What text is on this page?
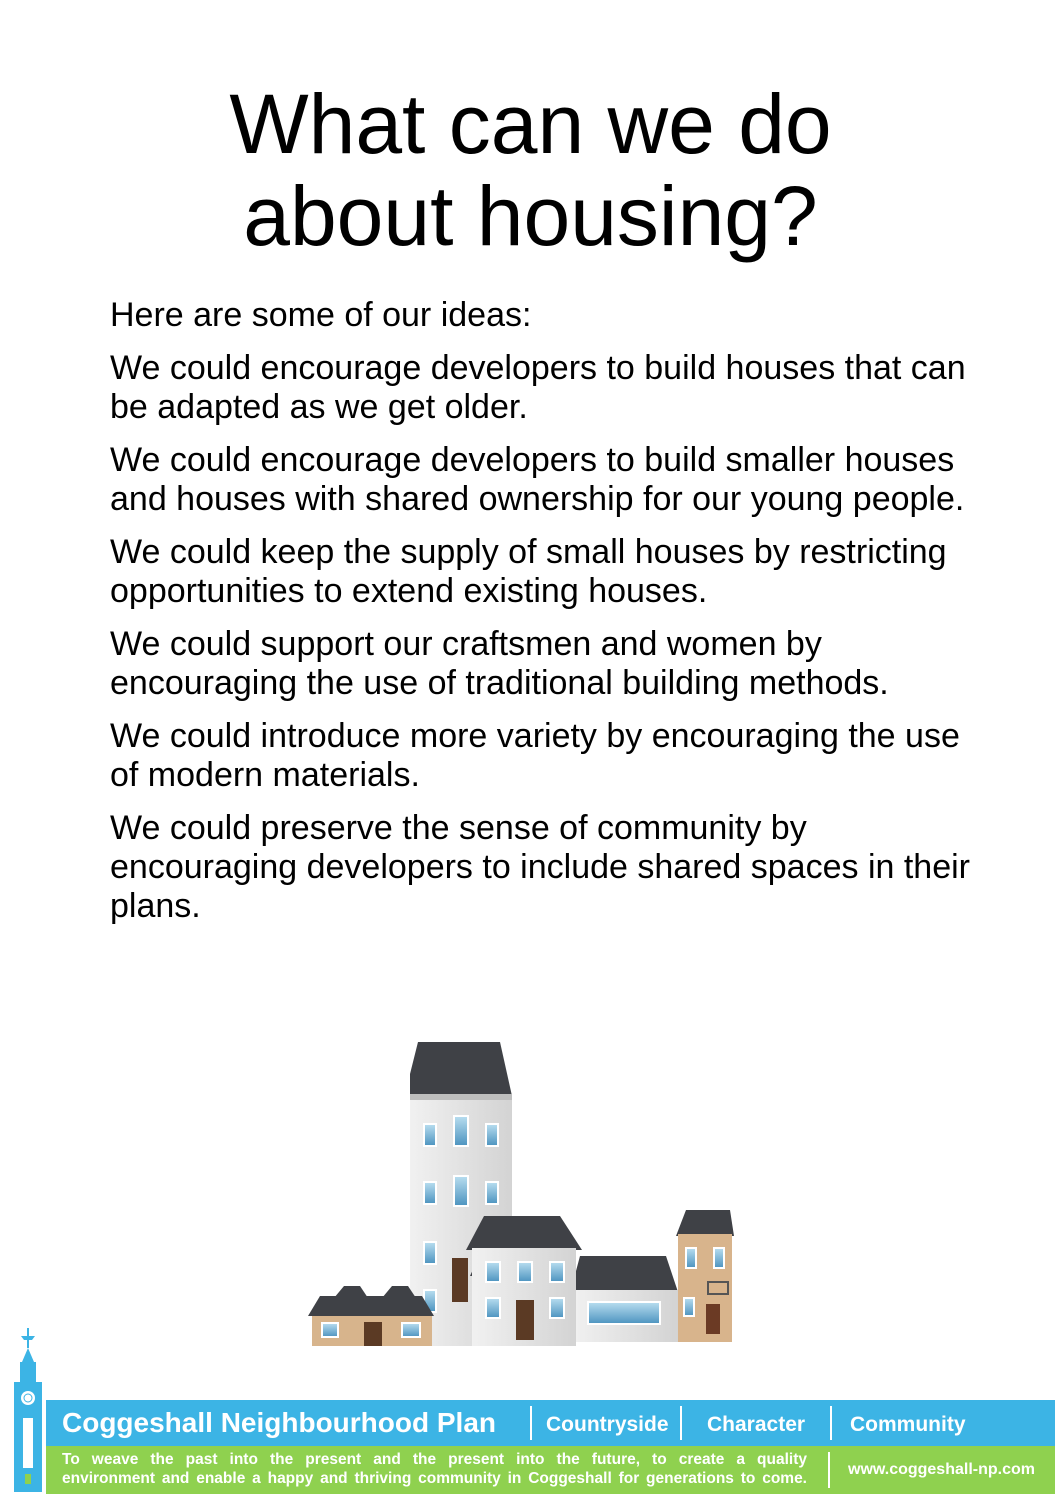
What can we do
about housing?

Here are some of our ideas:

We could encourage developers to build houses that can be adapted as we get older.

We could encourage developers to build smaller houses and houses with shared ownership for our young people.

We could keep the supply of small houses by restricting opportunities to extend existing houses.

We could support our craftsmen and women by encouraging the use of traditional building methods.

We could introduce more variety by encouraging the use of modern materials.

We could preserve the sense of community by encouraging developers to include shared spaces in their plans.

Coggeshall Neighbourhood Plan Countryside Character Community
To weave the past into the present and the present into the future, to create a quality
environment and enable a happy and thriving community in Coggeshall for generations to come.
www.coggeshall-np.com
